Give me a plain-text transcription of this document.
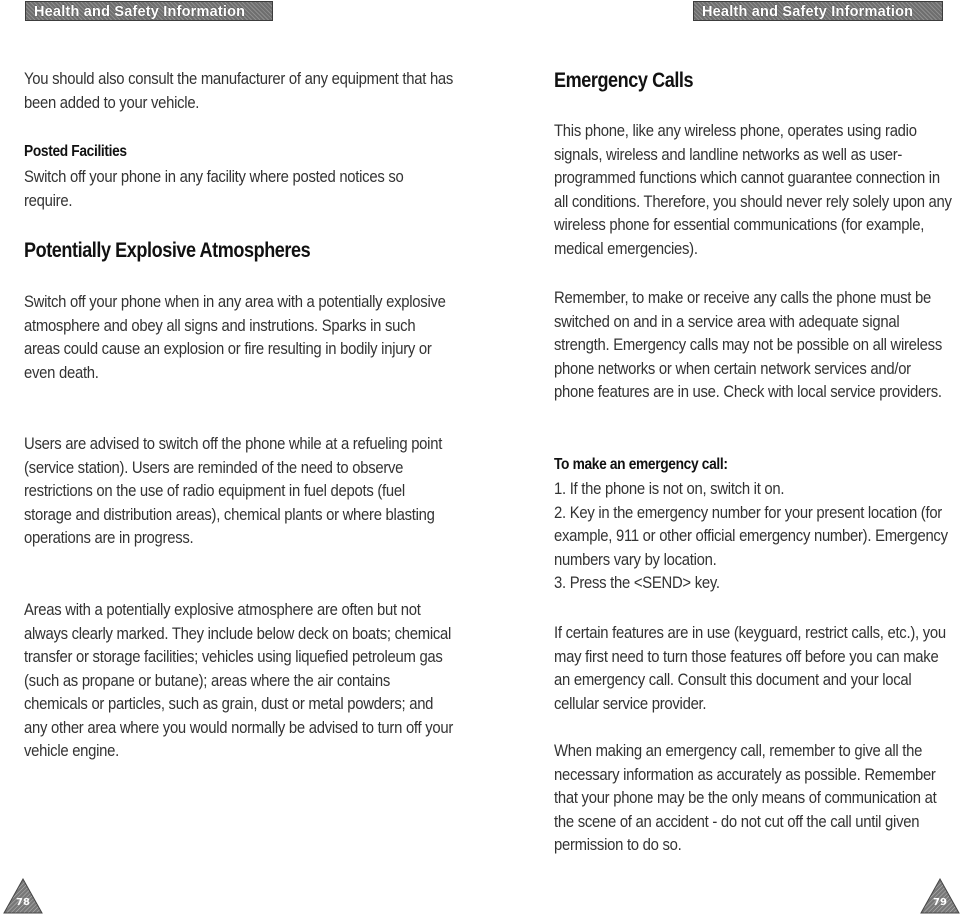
Health and Safety Information

You should also consult the manufacturer of any equipment that has been added to your vehicle.

Posted Facilities

Switch off your phone in any facility where posted notices so require.

Potentially Explosive Atmospheres

Switch off your phone when in any area with a potentially explosive atmosphere and obey all signs and instrutions. Sparks in such areas could cause an explosion or fire resulting in bodily injury or even death.

Users are advised to switch off the phone while at a refueling point (service station). Users are reminded of the need to observe restrictions on the use of radio equipment in fuel depots (fuel storage and distribution areas), chemical plants or where blasting operations are in progress.

Areas with a potentially explosive atmosphere are often but not always clearly marked. They include below deck on boats; chemical transfer or storage facilities; vehicles using liquefied petroleum gas (such as propane or butane); areas where the air contains chemicals or particles, such as grain, dust or metal powders; and any other area where you would normally be advised to turn off your vehicle engine.

78
Health and Safety Information
Emergency Calls

This phone, like any wireless phone, operates using radio signals, wireless and landline networks as well as user-programmed functions which cannot guarantee connection in all conditions. Therefore, you should never rely solely upon any wireless phone for essential communications (for example, medical emergencies).

Remember, to make or receive any calls the phone must be switched on and in a service area with adequate signal strength. Emergency calls may not be possible on all wireless phone networks or when certain network services and/or phone features are in use. Check with local service providers.

To make an emergency call:

1. If the phone is not on, switch it on.

2. Key in the emergency number for your present location (for example, 911 or other official emergency number). Emergency numbers vary by location.

3. Press the <SEND> key.

If certain features are in use (keyguard, restrict calls, etc.), you may first need to turn those features off before you can make an emergency call. Consult this document and your local cellular service provider.

When making an emergency call, remember to give all the necessary information as accurately as possible. Remember that your phone may be the only means of communication at the scene of an accident - do not cut off the call until given permission to do so.

79
